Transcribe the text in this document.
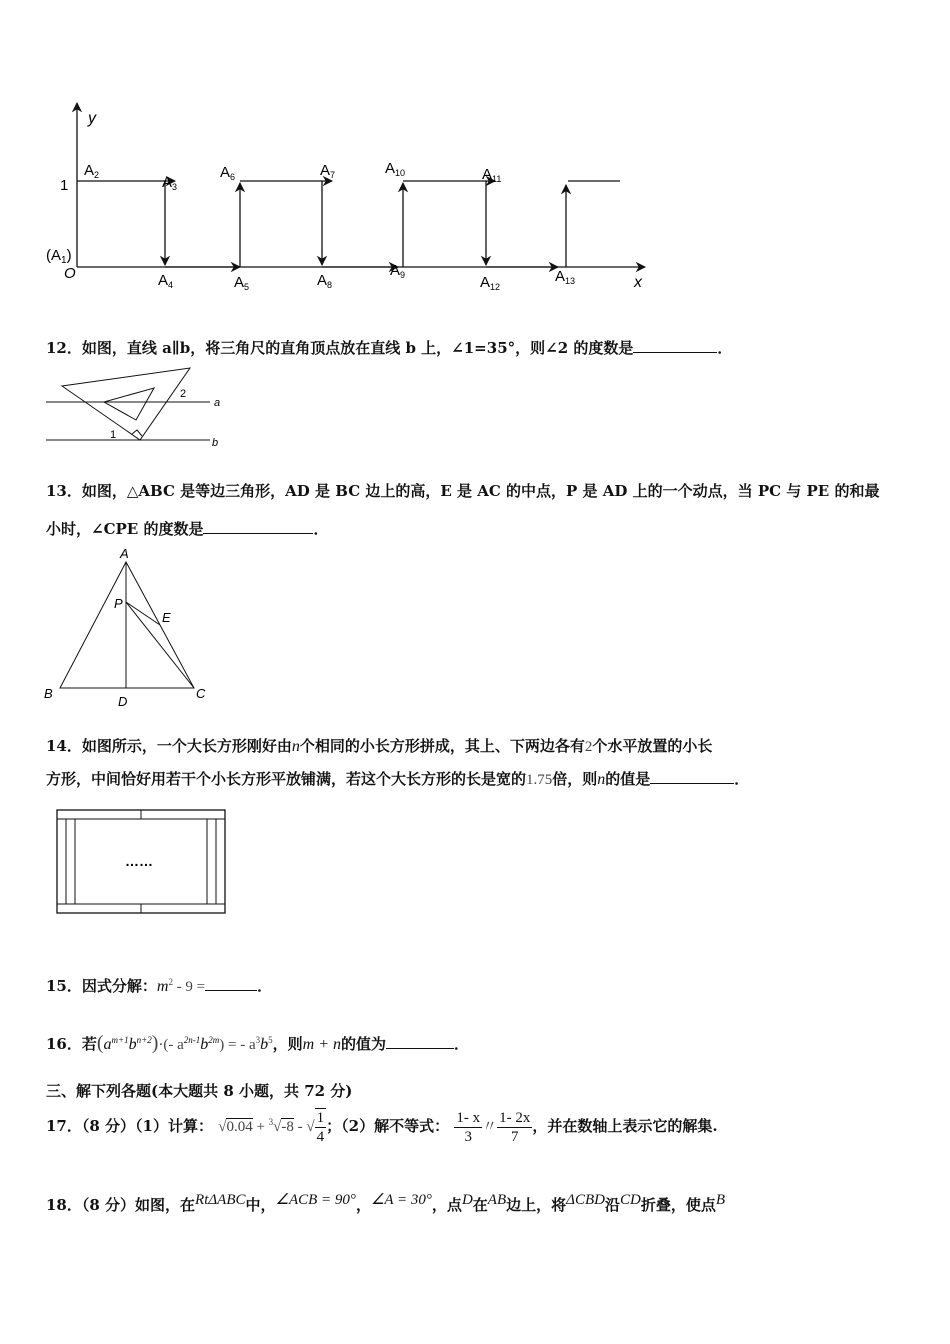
y
x
O
1
$(A_1)$
$A_2$	$A_3$
$A_4$	$A_5$
$A_6$	$A_7$
$A_8$
$A_9$
$A_{10}$	$A_{11}$
$A_{12}$
$A_{13}$
12．如图，直线 a∥b，将三角尺的直角顶点放在直线 b 上，∠1=35°，则∠2 的度数是	．
a
b
1
2
13．如图，△ABC 是等边三角形，AD 是 BC 边上的高，E 是 AC 的中点，P 是 AD 上的一个动点，当 PC 与 PE 的和最
小时，∠CPE 的度数是	．
A
B	C
D
E
P
14．如图所示，一个大长方形刚好由n个相同的小长方形拼成，其上、下两边各有2个水平放置的小长
方形，中间恰好用若干个小长方形平放铺满，若这个大长方形的长是宽的1.75倍，则n的值是	．
……
15．因式分解：$m^2 - 9$ =	．
16．若$(a^{m+1}b^{n+2})\cdot(-$ $a^{2n-1}b^{2m}$) = - $a^3b^5$，则m + n的值为	．
三、解下列各题(本大题共 8 小题，共 72 分)
17．（8 分）（1）计算： √0.04 + $^3$√-8 - √ $\frac{1}{4}$ ；（2）解不等式： $\frac{1- x}{3}$ 〃 $\frac{1- 2x}{7}$ ，并在数轴上表示它的解集.
18．（8 分）如图，在$^{Rt\Delta ABC}$中，$^{\angle ACB = 90^\circ}$，$^{\angle A = 30^\circ}$，点$^D$在$^{AB}$边上，将$^{\Delta CBD}$沿$^{CD}$折叠，使点$^B$
